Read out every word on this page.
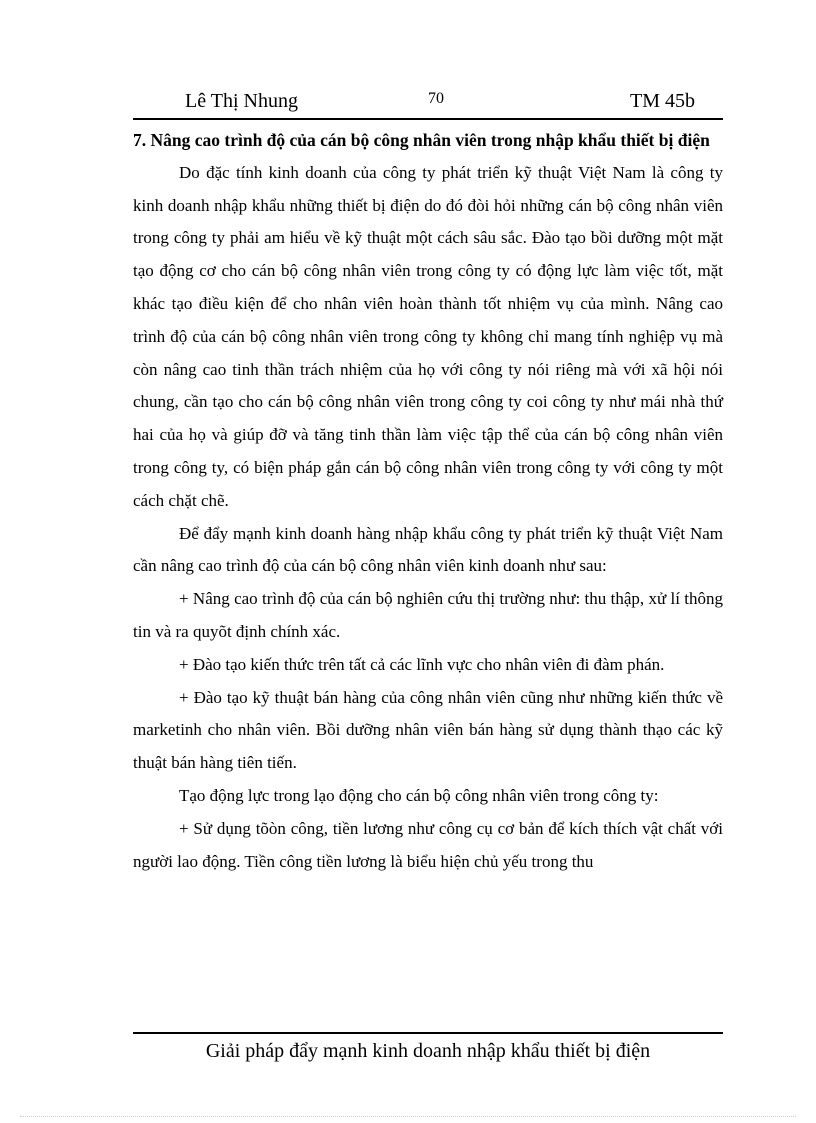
Lê Thị Nhung	70	TM 45b
7. Nâng cao trình độ của cán bộ công nhân viên trong nhập khẩu thiết bị điện

Do đặc tính kinh doanh của công ty phát triển kỹ thuật Việt Nam là công ty kinh doanh nhập khẩu những thiết bị điện do đó đòi hỏi những cán bộ công nhân viên trong công ty phải am hiểu về kỹ thuật một cách sâu sắc. Đào tạo bồi dưỡng một mặt tạo động cơ cho cán bộ công nhân viên trong công ty có động lực làm việc tốt, mặt khác tạo điều kiện để cho nhân viên hoàn thành tốt nhiệm vụ của mình. Nâng cao trình độ của cán bộ công nhân viên trong công ty không chỉ mang tính nghiệp vụ mà còn nâng cao tinh thần trách nhiệm của họ với công ty nói riêng mà với xã hội nói chung, cần tạo cho cán bộ công nhân viên trong công ty coi công ty như mái nhà thứ hai của họ và giúp đỡ và tăng tinh thần làm việc tập thể của cán bộ công nhân viên trong công ty, có biện pháp gắn cán bộ công nhân viên trong công ty với công ty một cách chặt chẽ.

Để đẩy mạnh kinh doanh hàng nhập khẩu công ty phát triển kỹ thuật Việt Nam cần nâng cao trình độ của cán bộ công nhân viên kinh doanh như sau:

+ Nâng cao trình độ của cán bộ nghiên cứu thị trường như: thu thập, xử lí thông tin và ra quyõt định chính xác.

+ Đào tạo kiến thức trên tất cả các lĩnh vực cho nhân viên đi đàm phán.

+ Đào tạo kỹ thuật bán hàng của công nhân viên cũng như những kiến thức về marketinh cho nhân viên. Bồi dưỡng nhân viên bán hàng sử dụng thành thạo các kỹ thuật bán hàng tiên tiến.

Tạo động lực trong lạo động cho cán bộ công nhân viên trong công ty:

+ Sử dụng tõòn công, tiền lương như công cụ cơ bản để kích thích vật chất với người lao động. Tiền công tiền lương là biểu hiện chủ yếu trong thu

Giải pháp đẩy mạnh kinh doanh nhập khẩu thiết bị điện
